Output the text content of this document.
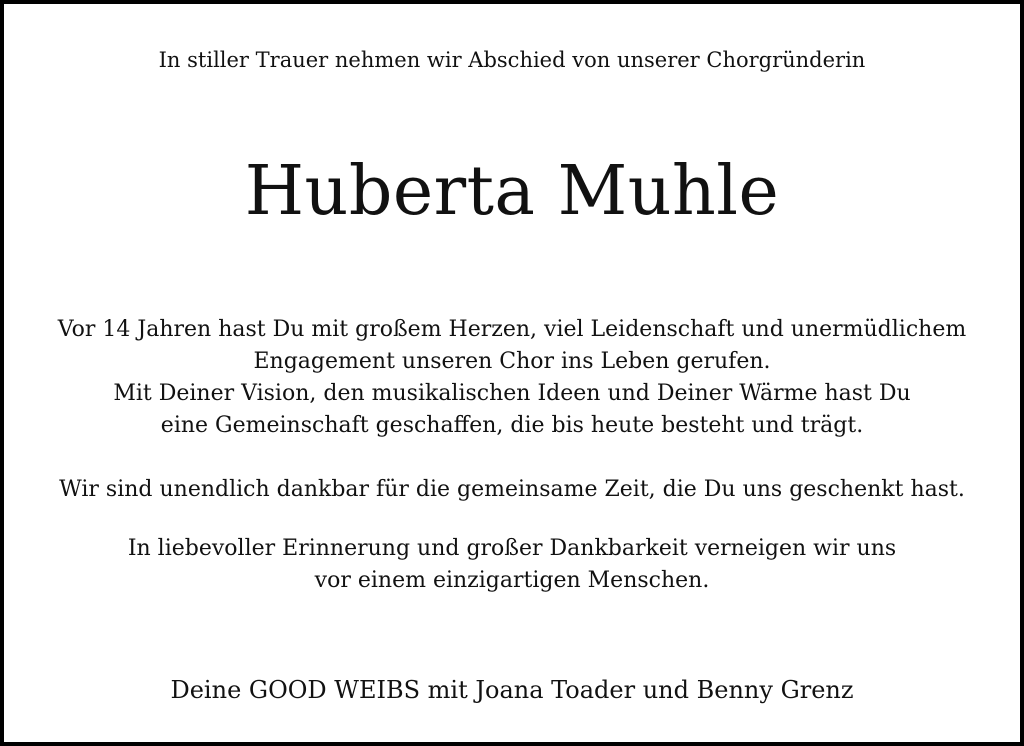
In stiller Trauer nehmen wir Abschied von unserer Chorgründerin
Huberta Muhle
Vor 14 Jahren hast Du mit großem Herzen, viel Leidenschaft und unermüdlichem
Engagement unseren Chor ins Leben gerufen.
Mit Deiner Vision, den musikalischen Ideen und Deiner Wärme hast Du
eine Gemeinschaft geschaffen, die bis heute besteht und trägt.
Wir sind unendlich dankbar für die gemeinsame Zeit, die Du uns geschenkt hast.
In liebevoller Erinnerung und großer Dankbarkeit verneigen wir uns
vor einem einzigartigen Menschen.
Deine GOOD WEIBS mit Joana Toader und Benny Grenz
